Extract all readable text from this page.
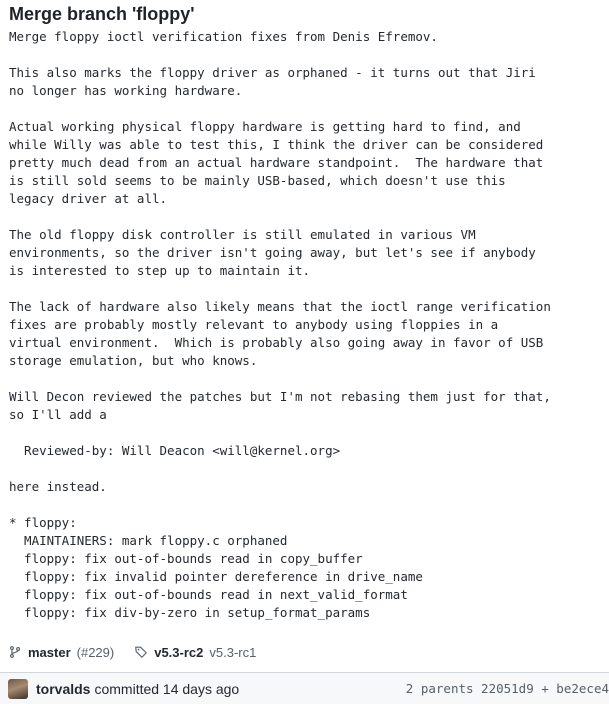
Merge branch 'floppy'
Merge floppy ioctl verification fixes from Denis Efremov.

This also marks the floppy driver as orphaned - it turns out that Jiri
no longer has working hardware.

Actual working physical floppy hardware is getting hard to find, and
while Willy was able to test this, I think the driver can be considered
pretty much dead from an actual hardware standpoint.  The hardware that
is still sold seems to be mainly USB-based, which doesn't use this
legacy driver at all.

The old floppy disk controller is still emulated in various VM
environments, so the driver isn't going away, but let's see if anybody
is interested to step up to maintain it.

The lack of hardware also likely means that the ioctl range verification
fixes are probably mostly relevant to anybody using floppies in a
virtual environment.  Which is probably also going away in favor of USB
storage emulation, but who knows.

Will Decon reviewed the patches but I'm not rebasing them just for that,
so I'll add a

Reviewed-by: Will Deacon <will@kernel.org>

here instead.

* floppy:
MAINTAINERS: mark floppy.c orphaned
floppy: fix out-of-bounds read in copy_buffer
floppy: fix invalid pointer dereference in drive_name
floppy: fix out-of-bounds read in next_valid_format
floppy: fix div-by-zero in setup_format_params

master (#229)	v5.3-rc2 v5.3-rc1
torvalds committed 14 days ago	2 parents 22051d9 + be2ece4
